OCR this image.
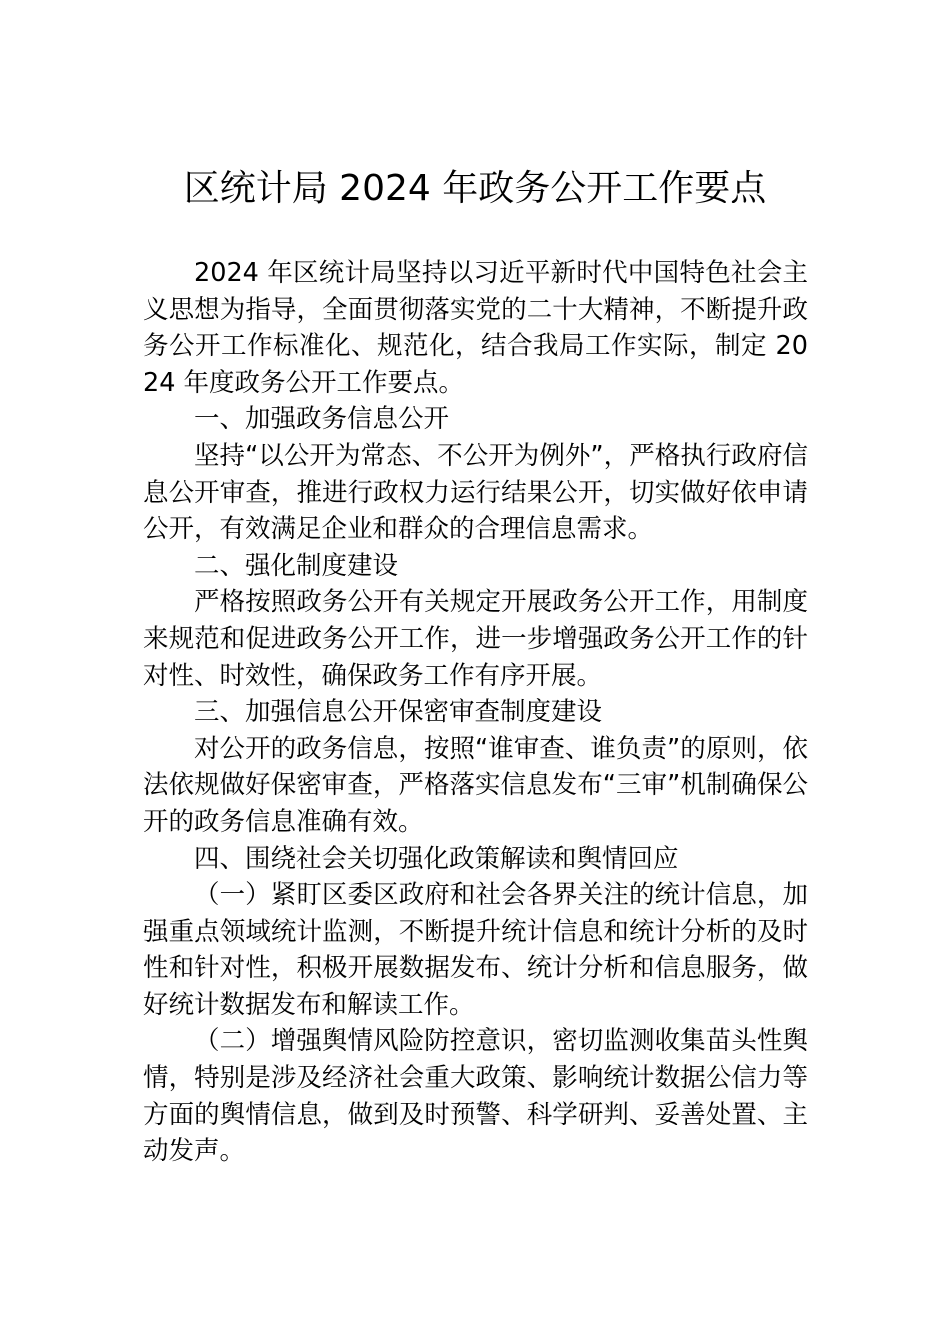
区统计局 2024 年政务公开工作要点

2024 年区统计局坚持以习近平新时代中国特色社会主义思想为指导，全面贯彻落实党的二十大精神，不断提升政务公开工作标准化、规范化，结合我局工作实际，制定 2024 年度政务公开工作要点。

一、加强政务信息公开

坚持“以公开为常态、不公开为例外”，严格执行政府信息公开审查，推进行政权力运行结果公开，切实做好依申请公开，有效满足企业和群众的合理信息需求。

二、强化制度建设

严格按照政务公开有关规定开展政务公开工作，用制度来规范和促进政务公开工作，进一步增强政务公开工作的针对性、时效性，确保政务工作有序开展。

三、加强信息公开保密审查制度建设

对公开的政务信息，按照“谁审查、谁负责”的原则，依法依规做好保密审查，严格落实信息发布“三审”机制确保公开的政务信息准确有效。

四、围绕社会关切强化政策解读和舆情回应

（一）紧盯区委区政府和社会各界关注的统计信息，加强重点领域统计监测，不断提升统计信息和统计分析的及时性和针对性，积极开展数据发布、统计分析和信息服务，做好统计数据发布和解读工作。

（二）增强舆情风险防控意识，密切监测收集苗头性舆情，特别是涉及经济社会重大政策、影响统计数据公信力等方面的舆情信息，做到及时预警、科学研判、妥善处置、主动发声。
